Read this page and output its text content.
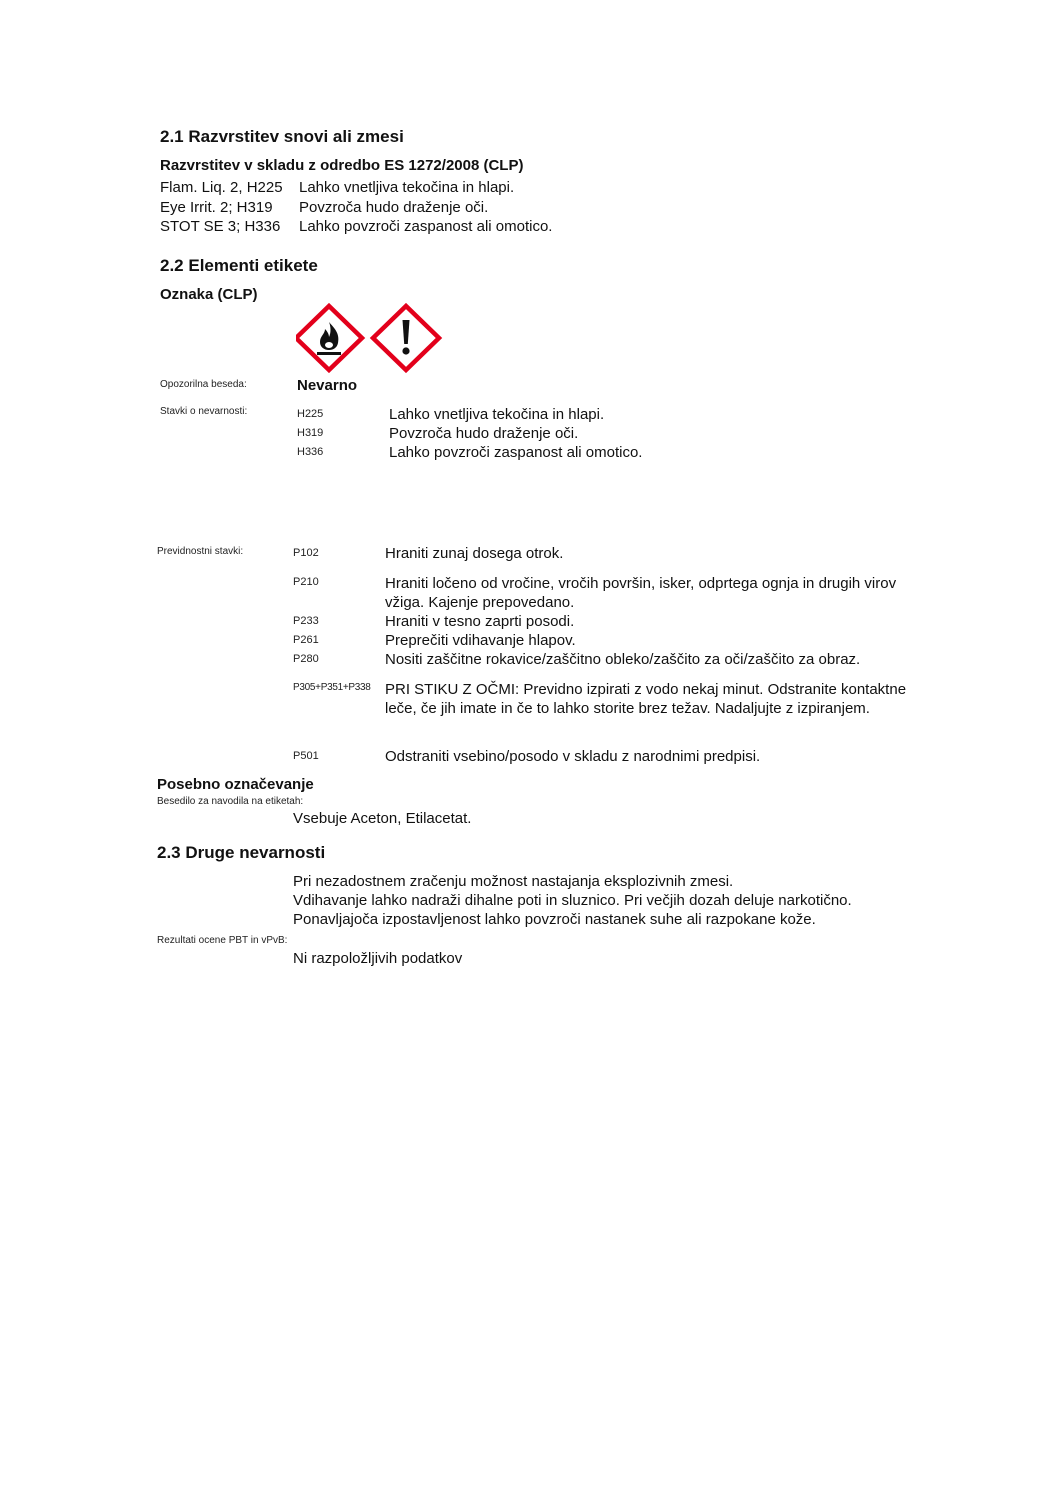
2.1 Razvrstitev snovi ali zmesi
Razvrstitev v skladu z odredbo ES 1272/2008 (CLP)
Flam. Liq. 2, H225 Lahko vnetljiva tekočina in hlapi.
Eye Irrit. 2; H319 Povzroča hudo draženje oči.
STOT SE 3; H336 Lahko povzroči zaspanost ali omotico.
2.2 Elementi etikete
Oznaka (CLP)
Opozorilna beseda:	Nevarno
Stavki o nevarnosti:	H225	Lahko vnetljiva tekočina in hlapi.
H319	Povzroča hudo draženje oči.
H336	Lahko povzroči zaspanost ali omotico.
Previdnostni stavki:	P102	Hraniti zunaj dosega otrok.
P210	Hraniti ločeno od vročine, vročih površin, isker, odprtega ognja in drugih virov vžiga. Kajenje prepovedano.
P233	Hraniti v tesno zaprti posodi.
P261	Preprečiti vdihavanje hlapov.
P280	Nositi zaščitne rokavice/zaščitno obleko/zaščito za oči/zaščito za obraz.
P305+P351+P338 PRI STIKU Z OČMI: Previdno izpirati z vodo nekaj minut. Odstranite kontaktne leče, če jih imate in če to lahko storite brez težav. Nadaljujte z izpiranjem.
P501	Odstraniti vsebino/posodo v skladu z narodnimi predpisi.
Posebno označevanje
Besedilo za navodila na etiketah:
Vsebuje Aceton, Etilacetat.
2.3 Druge nevarnosti
Pri nezadostnem zračenju možnost nastajanja eksplozivnih zmesi.
Vdihavanje lahko nadraži dihalne poti in sluznico. Pri večjih dozah deluje narkotično.
Ponavljajoča izpostavljenost lahko povzroči nastanek suhe ali razpokane kože.
Rezultati ocene PBT in vPvB:
Ni razpoložljivih podatkov
